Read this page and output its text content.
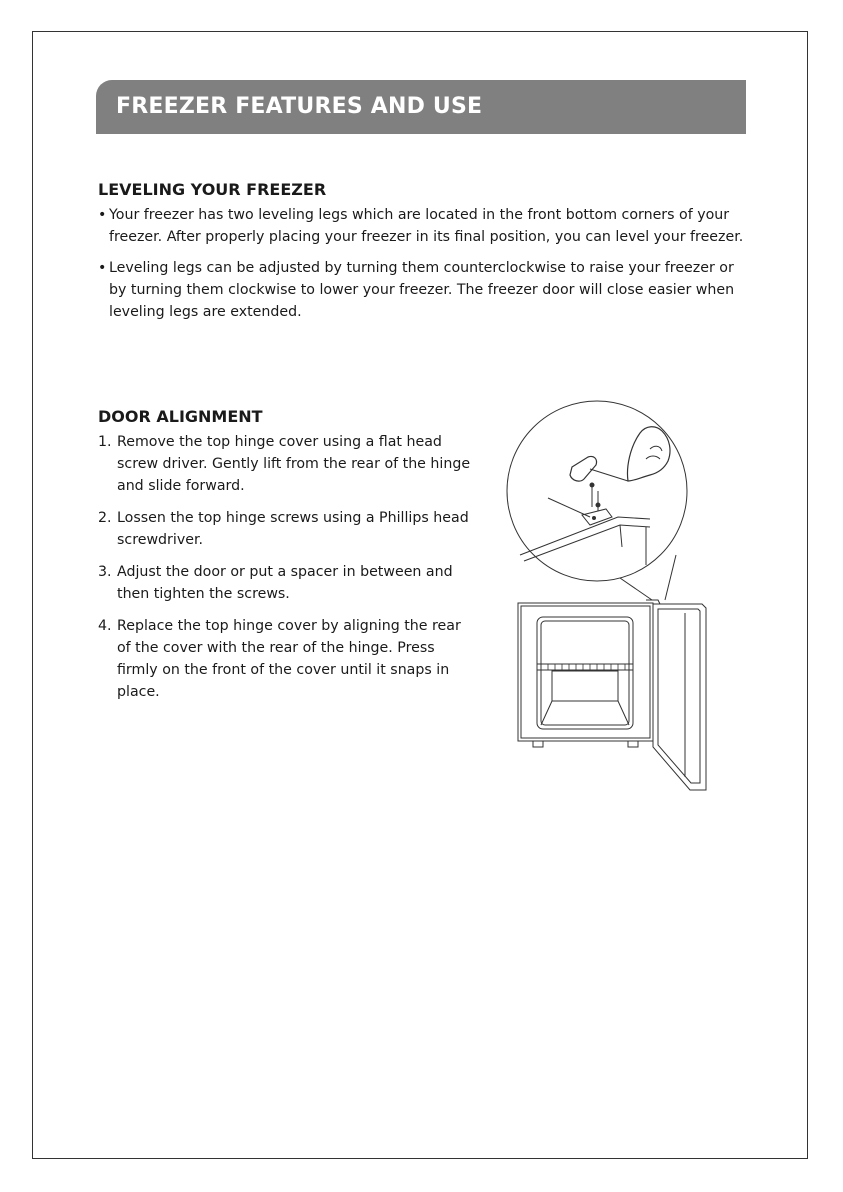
FREEZER FEATURES AND USE
LEVELING YOUR FREEZER

• Your freezer has two leveling legs which are located in the front bottom corners of your freezer. After properly placing your freezer in its final position, you can level your freezer.

• Leveling legs can be adjusted by turning them counterclockwise to raise your freezer or by turning them clockwise to lower your freezer. The freezer door will close easier when leveling legs are extended.

DOOR ALIGNMENT
1. Remove the top hinge cover using a flat head screw driver. Gently lift from the rear of the hinge and slide forward.
2. Lossen the top hinge screws using a Phillips head screwdriver.
3. Adjust the door or put a spacer in between and then tighten the screws.
4. Replace the top hinge cover by aligning the rear of the cover with the rear of the hinge. Press firmly on the front of the cover until it snaps in place.
